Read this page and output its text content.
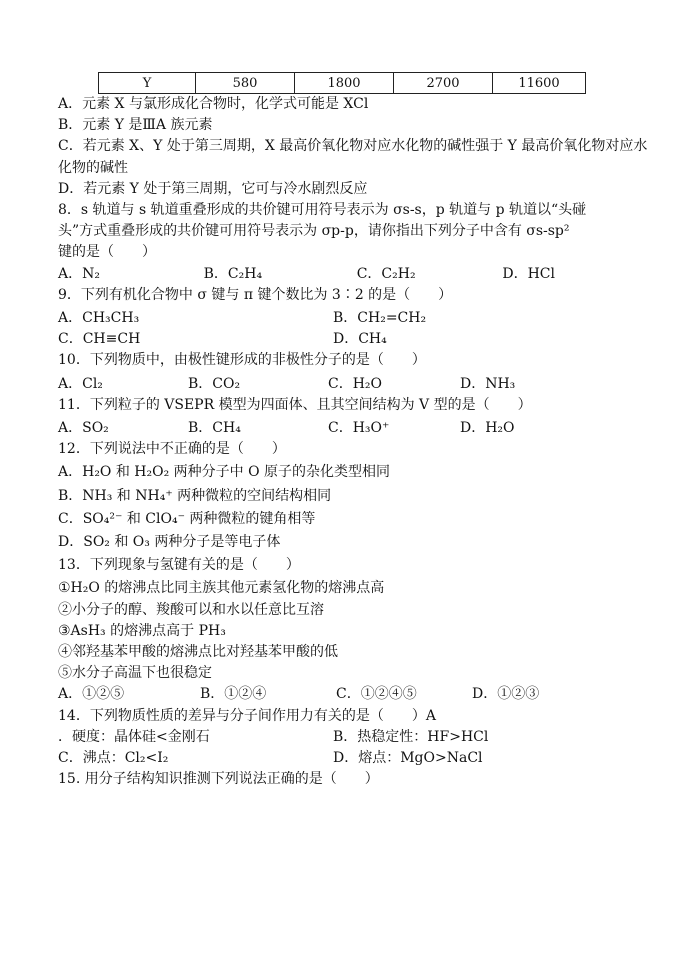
Y	580	1800	2700	11600
A．元素 X 与氯形成化合物时，化学式可能是 XCl
B．元素 Y 是ⅢA 族元素
C．若元素 X、Y 处于第三周期，X 最高价氧化物对应水化物的碱性强于 Y 最高价氧化物对应水化物的碱性
D．若元素 Y 处于第三周期，它可与冷水剧烈反应
8．s 轨道与 s 轨道重叠形成的共价键可用符号表示为 σs-s，p 轨道与 p 轨道以“头碰
头”方式重叠形成的共价键可用符号表示为 σp-p，请你指出下列分子中含有 σs-sp²
键的是（　　）
A．N₂	B．C₂H₄	C．C₂H₂	D．HCl
9．下列有机化合物中 σ 键与 π 键个数比为 3∶2 的是（　　）
A．CH₃CH₃	B．CH₂=CH₂
C．CH≡CH	D．CH₄
10．下列物质中，由极性键形成的非极性分子的是（　　）
A．Cl₂	B．CO₂	C．H₂O	D．NH₃
11．下列粒子的 VSEPR 模型为四面体、且其空间结构为 V 型的是（　　）
A．SO₂	B．CH₄	C．H₃O⁺	D．H₂O
12．下列说法中不正确的是（　　）
A．H₂O 和 H₂O₂ 两种分子中 O 原子的杂化类型相同
B．NH₃ 和 NH₄⁺ 两种微粒的空间结构相同
C．SO₄²⁻ 和 ClO₄⁻ 两种微粒的键角相等
D．SO₂ 和 O₃ 两种分子是等电子体
13．下列现象与氢键有关的是（　　）
①H₂O 的熔沸点比同主族其他元素氢化物的熔沸点高
②小分子的醇、羧酸可以和水以任意比互溶
③AsH₃ 的熔沸点高于 PH₃
④邻羟基苯甲酸的熔沸点比对羟基苯甲酸的低
⑤水分子高温下也很稳定
A．①②⑤	B．①②④	C．①②④⑤	D．①②③
14．下列物质性质的差异与分子间作用力有关的是（　　）A
．硬度：晶体硅<金刚石	B．热稳定性：HF>HCl
C．沸点：Cl₂<I₂	D．熔点：MgO>NaCl
15. 用分子结构知识推测下列说法正确的是（　　）
